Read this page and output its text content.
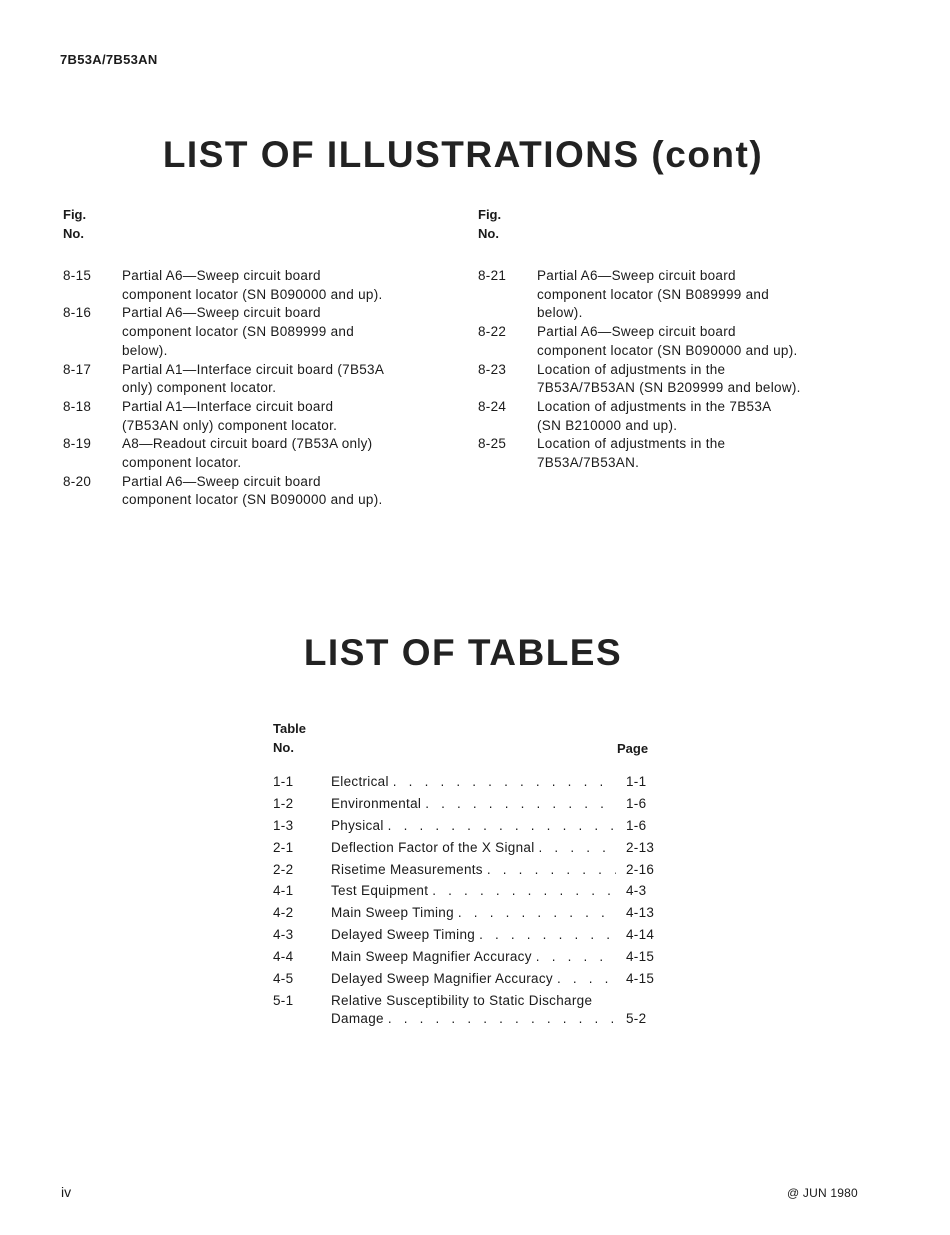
7B53A/7B53AN
LIST OF ILLUSTRATIONS (cont)
Fig.
No.
8-15	Partial A6—Sweep circuit board
component locator (SN B090000 and up).
8-16	Partial A6—Sweep circuit board
component locator (SN B089999 and
below).
8-17	Partial A1—Interface circuit board (7B53A
only) component locator.
8-18	Partial A1—Interface circuit board
(7B53AN only) component locator.
8-19	A8—Readout circuit board (7B53A only)
component locator.
8-20	Partial A6—Sweep circuit board
component locator (SN B090000 and up).
Fig.
No.
8-21	Partial A6—Sweep circuit board
component locator (SN B089999 and
below).
8-22	Partial A6—Sweep circuit board
component locator (SN B090000 and up).
8-23	Location of adjustments in the
7B53A/7B53AN (SN B209999 and below).
8-24	Location of adjustments in the 7B53A
(SN B210000 and up).
8-25	Location of adjustments in the
7B53A/7B53AN.
LIST OF TABLES
Table
No.	Page
1-1	Electrical . . .	1-1
1-2	Environmental . . .	1-6
1-3	Physical . . .	1-6
2-1	Deflection Factor of the X Signal . . .	2-13
2-2	Risetime Measurements . . .	2-16
4-1	Test Equipment . . .	4-3
4-2	Main Sweep Timing . . .	4-13
4-3	Delayed Sweep Timing . . .	4-14
4-4	Main Sweep Magnifier Accuracy . . .	4-15
4-5	Delayed Sweep Magnifier Accuracy . . .	4-15
5-1	Relative Susceptibility to Static Discharge
Damage . . .	5-2
iv	@ JUN 1980
